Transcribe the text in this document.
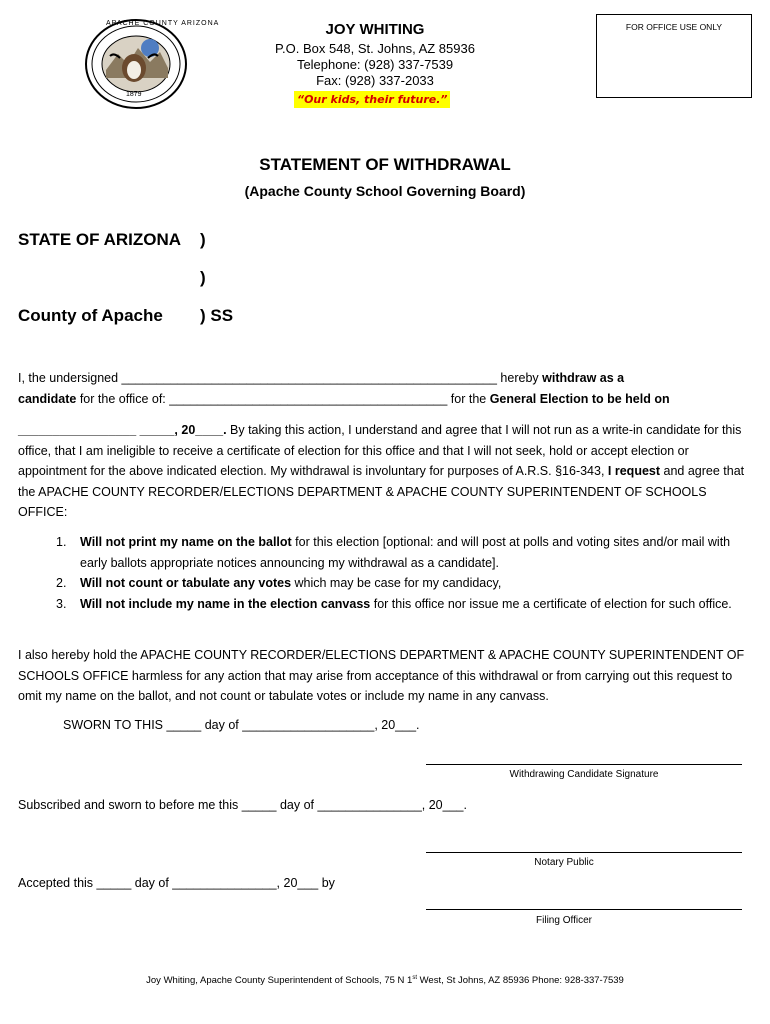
APACHE COUNTY ARIZONA
1879
JOY WHITING
P.O. Box 548, St. Johns, AZ 85936
Telephone: (928) 337-7539
Fax: (928) 337-2033
“Our kids, their future.”
FOR OFFICE USE ONLY
STATEMENT OF WITHDRAWAL
(Apache County School Governing Board)
STATE OF ARIZONA )
)
County of Apache ) SS
I, the undersigned ______________________________________________________ hereby withdraw as a
candidate for the office of: ________________________________________ for the General Election to be held on
_________________ _____, 20____. By taking this action, I understand and agree that I will not run as a write-in candidate for this office, that I am ineligible to receive a certificate of election for this office and that I will not seek, hold or accept election or appointment for the above indicated election. My withdrawal is involuntary for purposes of A.R.S. §16-343, I request and agree that the APACHE COUNTY RECORDER/ELECTIONS DEPARTMENT & APACHE COUNTY SUPERINTENDENT OF SCHOOLS OFFICE:
1.	Will not print my name on the ballot for this election [optional: and will post at polls and voting sites and/or mail with early ballots appropriate notices announcing my withdrawal as a candidate].
2.	Will not count or tabulate any votes which may be case for my candidacy,
3.	Will not include my name in the election canvass for this office nor issue me a certificate of election for such office.
I also hereby hold the APACHE COUNTY RECORDER/ELECTIONS DEPARTMENT & APACHE COUNTY SUPERINTENDENT OF SCHOOLS OFFICE harmless for any action that may arise from acceptance of this withdrawal or from carrying out this request to omit my name on the ballot, and not count or tabulate votes or include my name in any canvass.
SWORN TO THIS _____ day of ___________________, 20___.
Withdrawing Candidate Signature
Subscribed and sworn to before me this _____ day of _______________, 20___.
Notary Public
Accepted this _____ day of _______________, 20___ by
Filing Officer
Joy Whiting, Apache County Superintendent of Schools, 75 N 1st West, St Johns, AZ 85936 Phone: 928-337-7539
